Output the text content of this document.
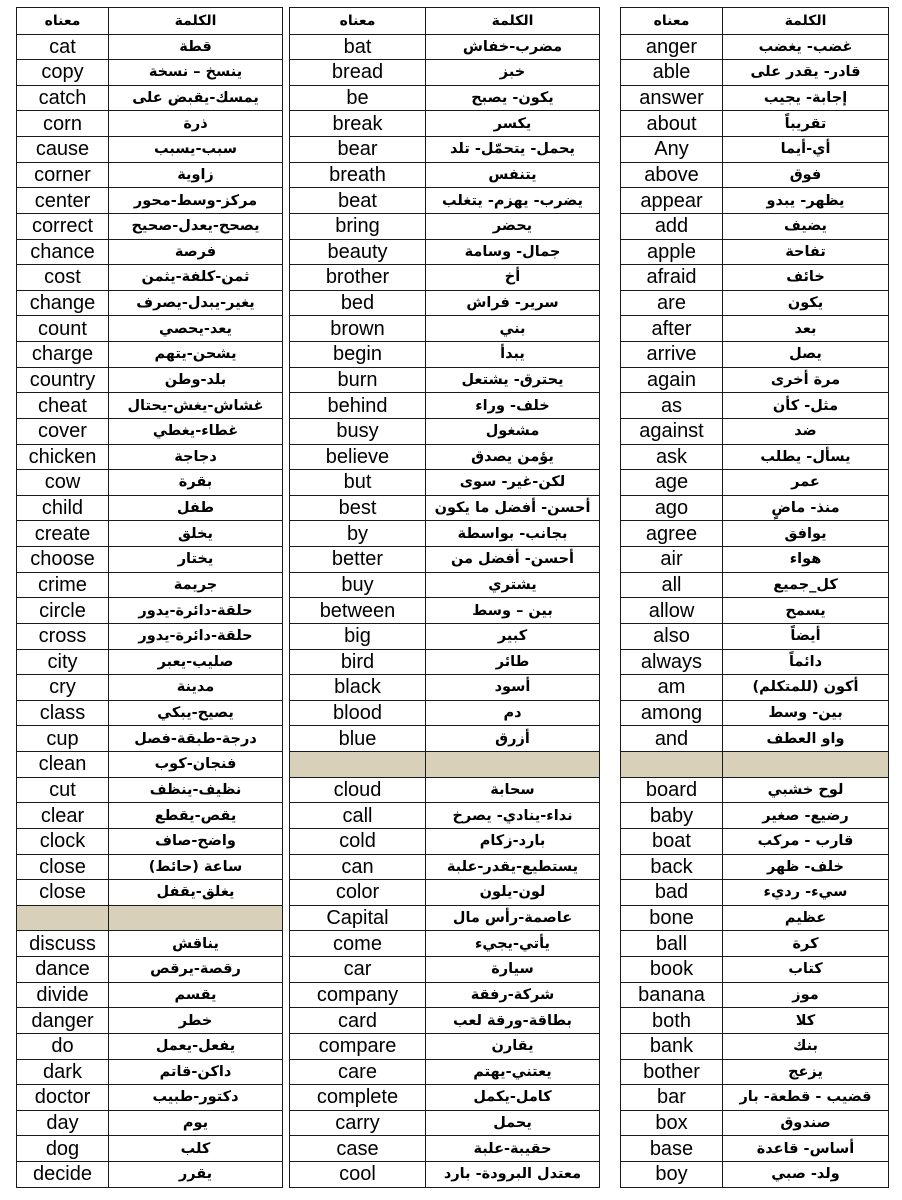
معناه	الكلمة
cat	قطة
copy	ينسخ – نسخة
catch	يمسك-يقبض على
corn	ذرة
cause	سبب-يسبب
corner	زاوية
center	مركز-وسط-محور
correct	يصحح-يعدل-صحيح
chance	فرصة
cost	ثمن-كلفة-يثمن
change	يغير-يبدل-يصرف
count	يعد-يحصي
charge	يشحن-يتهم
country	بلد-وطن
cheat	غشاش-يغش-يحتال
cover	غطاء-يغطي
chicken	دجاجة
cow	بقرة
child	طفل
create	يخلق
choose	يختار
crime	جريمة
circle	حلقة-دائرة-يدور
cross	حلقة-دائرة-يدور
city	صليب-يعبر
cry	مدينة
class	يصيح-يبكي
cup	درجة-طبقة-فصل
clean	فنجان-كوب
cut	نظيف-ينظف
clear	يقص-يقطع
clock	واضح-صاف
close	ساعة (حائط)
close	يغلق-يقفل

discuss	يناقش
dance	رقصة-يرقص
divide	يقسم
danger	خطر
do	يفعل-يعمل
dark	داكن-قاتم
doctor	دكتور-طبيب
day	يوم
dog	كلب
decide	يقرر
معناه	الكلمة
bat	مضرب-خفاش
bread	خبز
be	يكون- يصبح
break	يكسر
bear	يحمل- يتحمّل- تلد
breath	يتنفس
beat	يضرب- يهزم- يتغلب
bring	يحضر
beauty	جمال- وسامة
brother	أخ
bed	سرير- فراش
brown	بني
begin	يبدأ
burn	يحترق- يشتعل
behind	خلف- وراء
busy	مشغول
believe	يؤمن يصدق
but	لكن-غير- سوى
best	أحسن- أفضل ما يكون
by	بجانب- بواسطة
better	أحسن- أفضل من
buy	يشتري
between	بين – وسط
big	كبير
bird	طائر
black	أسود
blood	دم
blue	أزرق

cloud	سحابة
call	نداء-ينادي- يصرخ
cold	بارد-زكام
can	يستطيع-يقدر-علبة
color	لون-يلون
Capital	عاصمة-رأس مال
come	يأتي-يجيء
car	سيارة
company	شركة-رفقة
card	بطاقة-ورقة لعب
compare	يقارن
care	يعتني-يهتم
complete	كامل-يكمل
carry	يحمل
case	حقيبة-علبة
cool	معتدل البرودة- بارد
معناه	الكلمة
anger	غضب- يغضب
able	قادر- يقدر على
answer	إجابة- يجيب
about	تقريباً
Any	أي-أيما
above	فوق
appear	يظهر- يبدو
add	يضيف
apple	تفاحة
afraid	خائف
are	يكون
after	بعد
arrive	يصل
again	مرة أخرى
as	مثل- كأن
against	ضد
ask	يسأل- يطلب
age	عمر
ago	منذ- ماضٍ
agree	يوافق
air	هواء
all	كل_جميع
allow	يسمح
also	أيضاً
always	دائماً
am	أكون (للمتكلم)
among	بين- وسط
and	واو العطف

board	لوح خشبي
baby	رضيع- صغير
boat	قارب - مركب
back	خلف- ظهر
bad	سيء- رديء
bone	عظيم
ball	كرة
book	كتاب
banana	موز
both	كلا
bank	بنك
bother	يزعج
bar	قضيب - قطعة- بار
box	صندوق
base	أساس- قاعدة
boy	ولد- صبي
